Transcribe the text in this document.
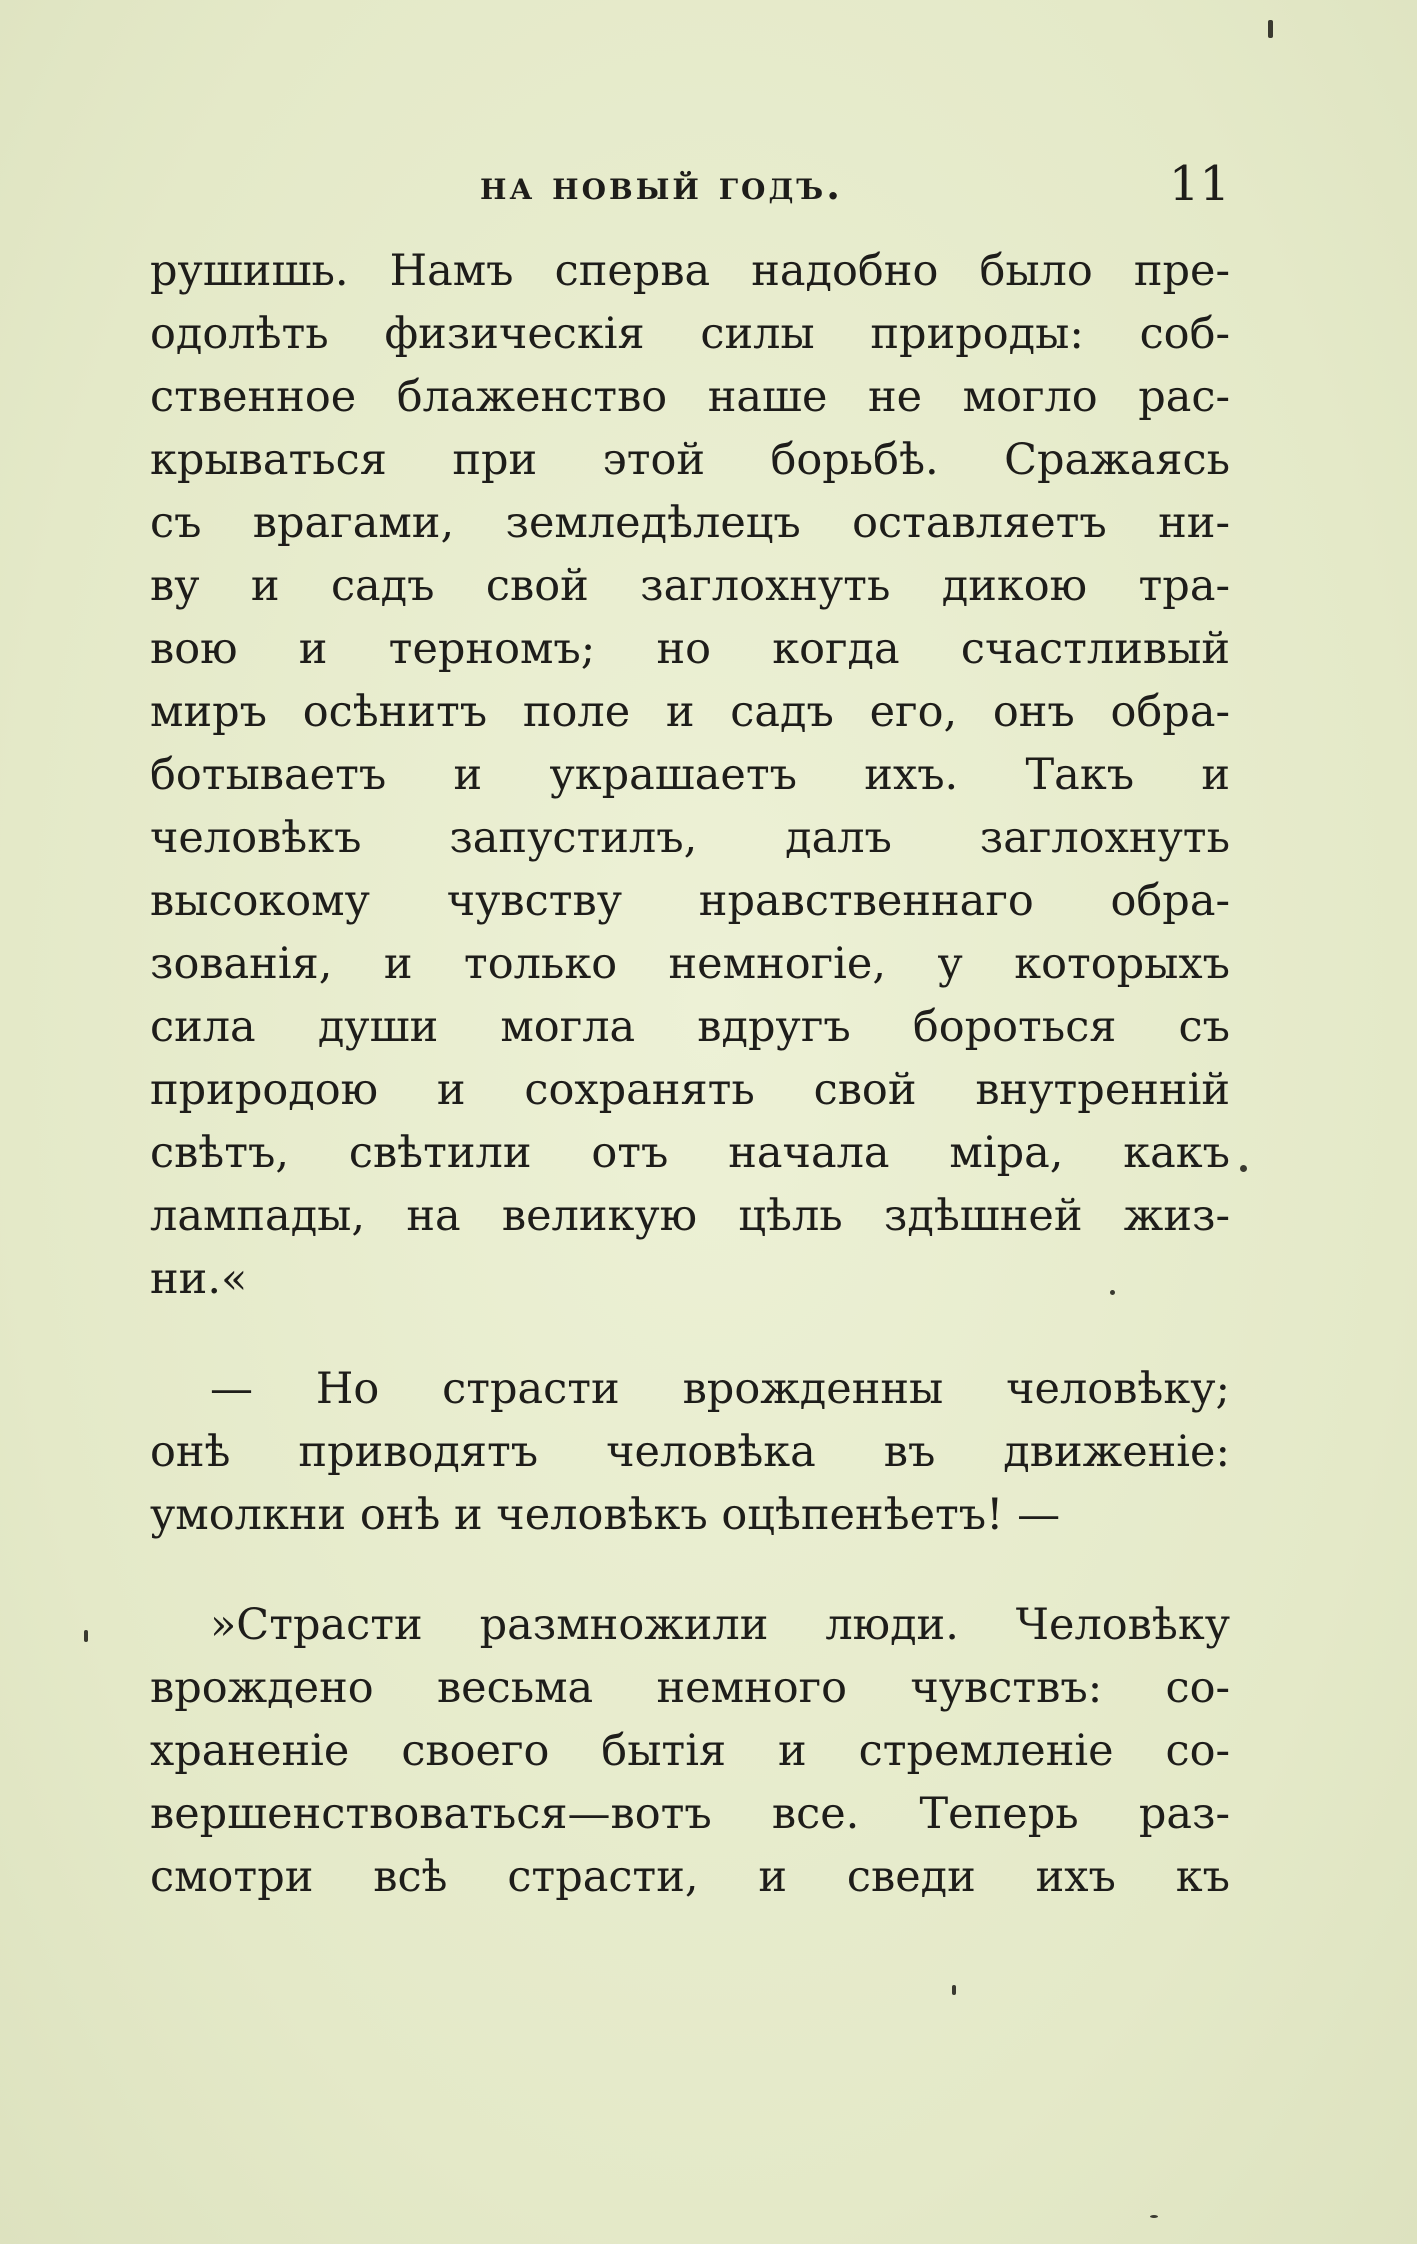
на новый годъ.	11
рушишь. Намъ сперва надобно было пре-
одолѣть физическія силы природы: соб-
ственное блаженство наше не могло рас-
крываться при этой борьбѣ. Сражаясь
съ врагами, земледѣлецъ оставляетъ ни-
ву и садъ свой заглохнуть дикою тра-
вою и терномъ; но когда счастливый
миръ осѣнитъ поле и садъ его, онъ обра-
ботываетъ и украшаетъ ихъ. Такъ и
человѣкъ запустилъ, далъ заглохнуть
высокому чувству нравственнаго обра-
зованія, и только немногіе, у которыхъ
сила души могла вдругъ бороться съ
природою и сохранять свой внутренній
свѣтъ, свѣтили отъ начала міра, какъ
лампады, на великую цѣль здѣшней жиз-
ни.«
— Но страсти врожденны человѣку;
онѣ приводятъ человѣка въ движеніе:
умолкни онѣ и человѣкъ оцѣпенѣетъ! —
»Страсти размножили люди. Человѣку
врождено весьма немного чувствъ: со-
храненіе своего бытія и стремленіе со-
вершенствоваться—вотъ все. Теперь раз-
смотри всѣ страсти, и сведи ихъ къ
